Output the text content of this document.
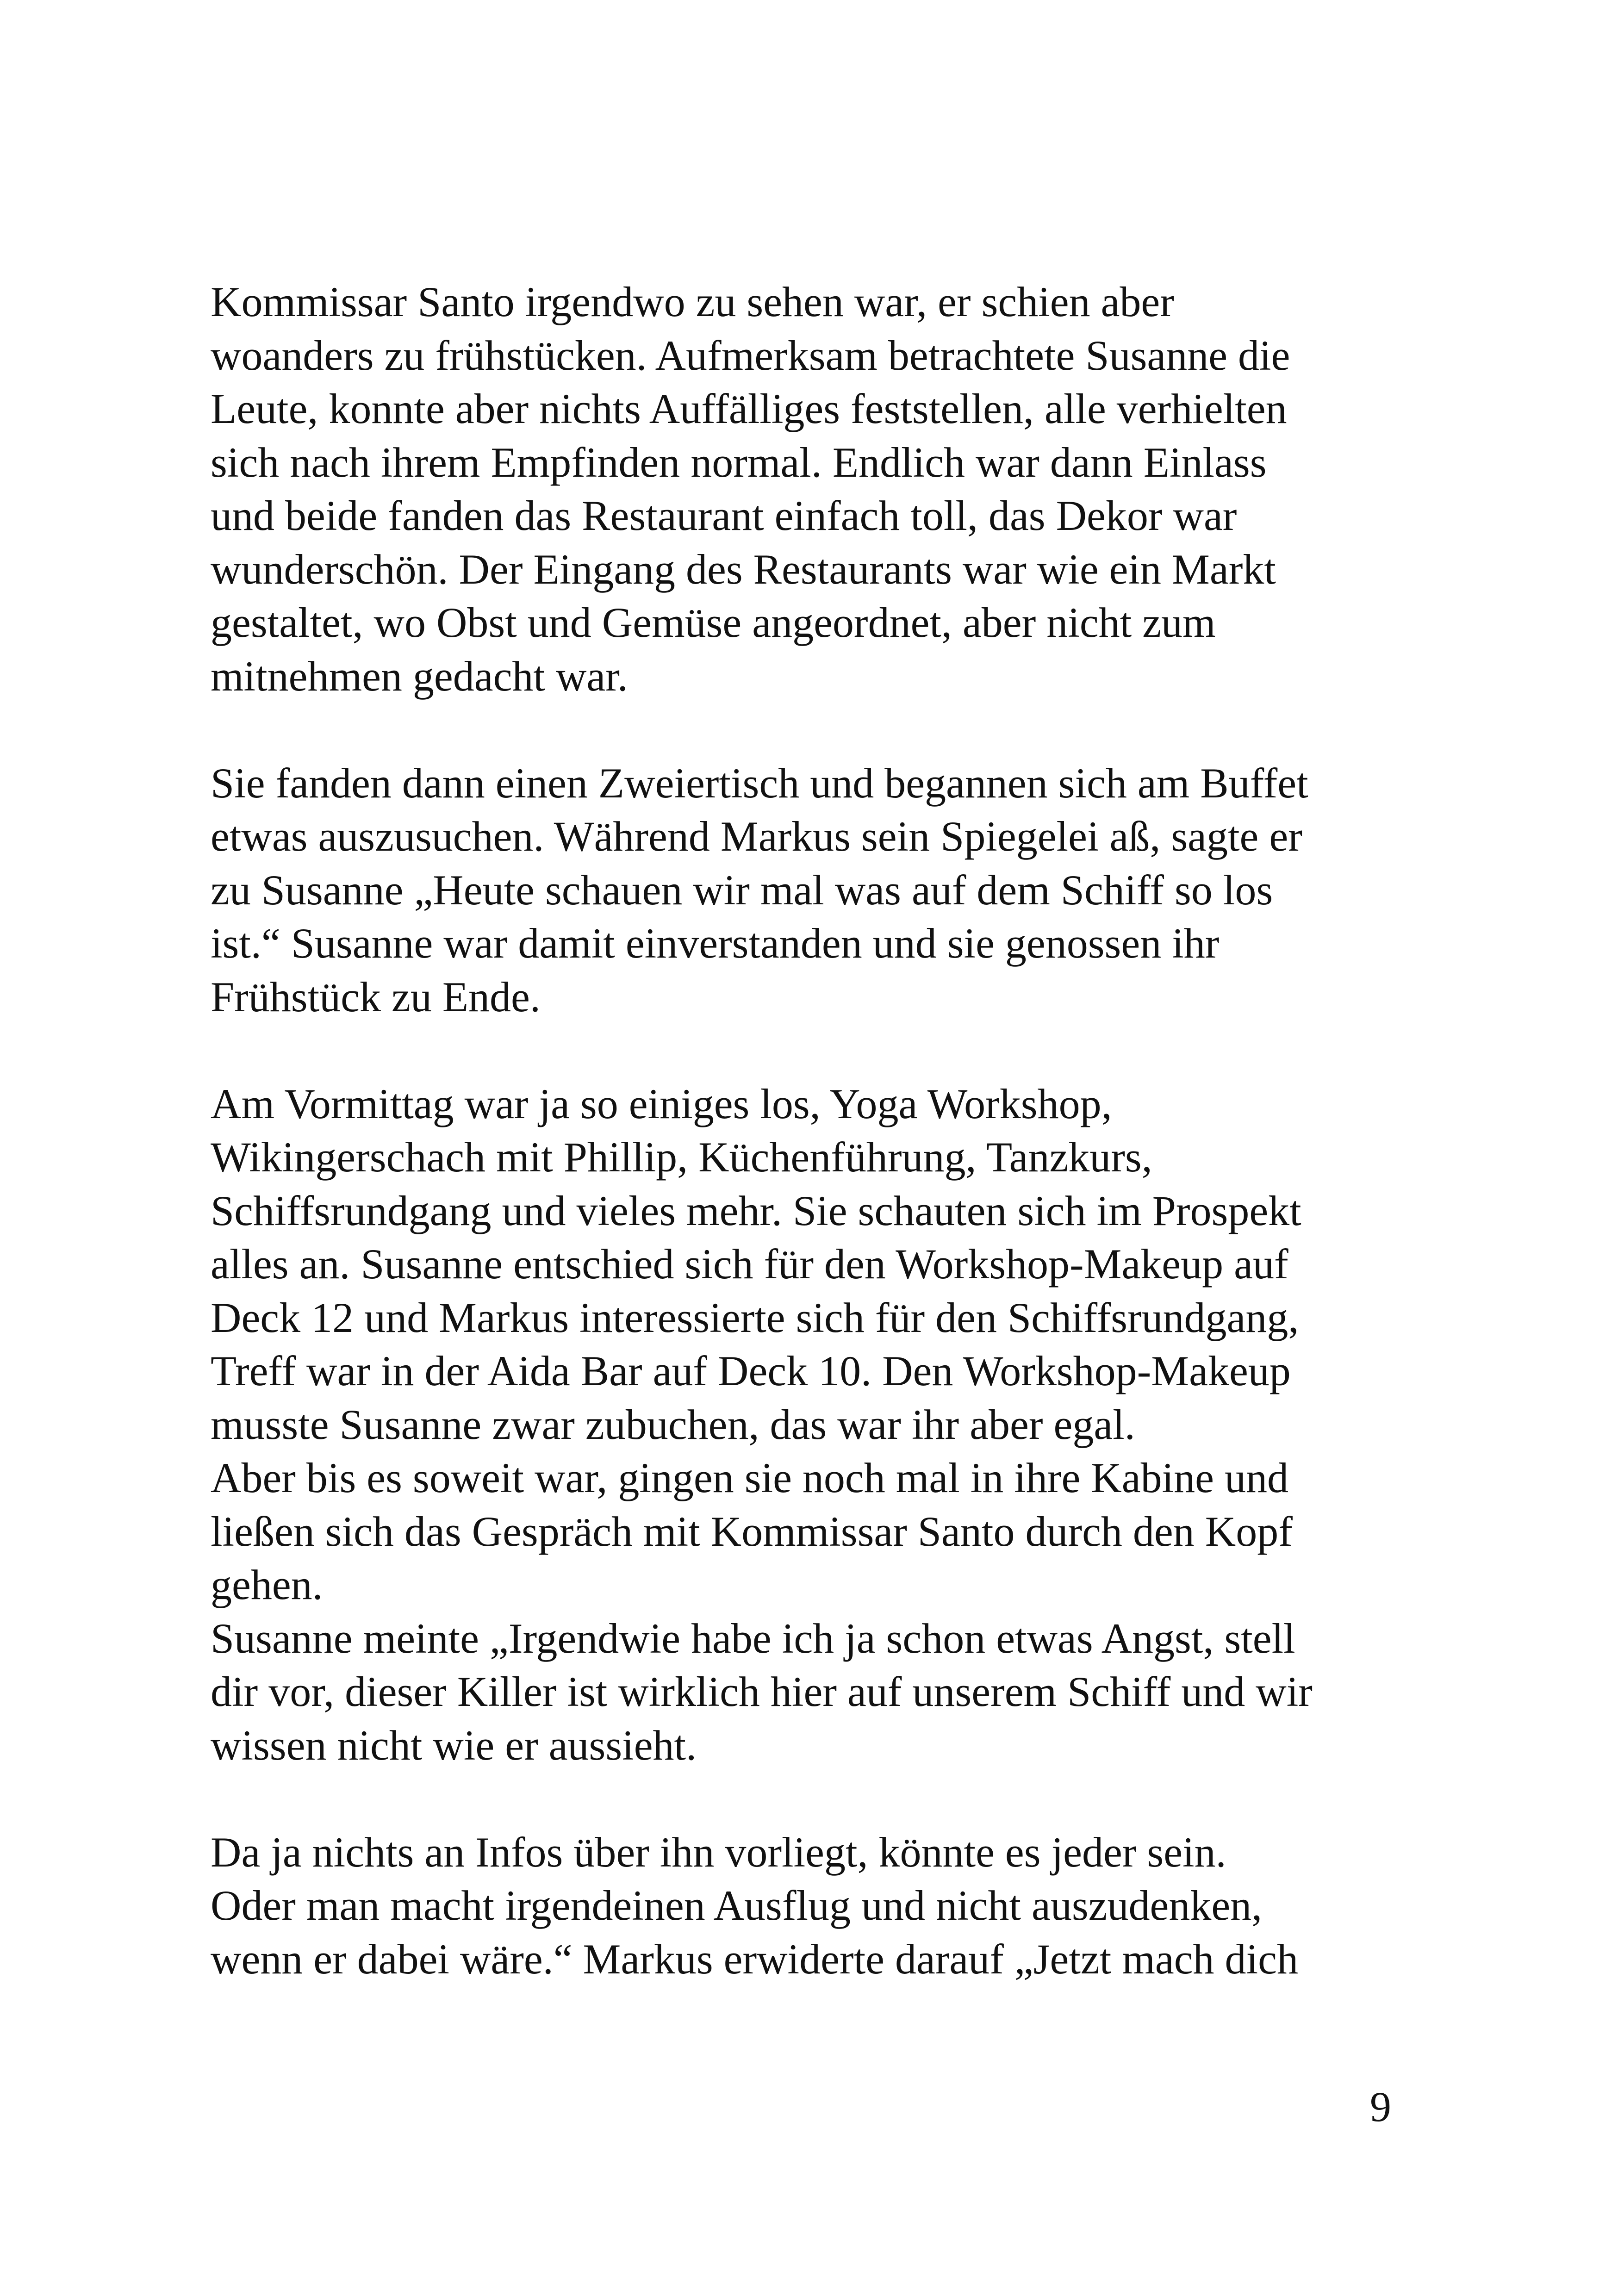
Kommissar Santo irgendwo zu sehen war, er schien aber
woanders zu frühstücken. Aufmerksam betrachtete Susanne die
Leute, konnte aber nichts Auffälliges feststellen, alle verhielten
sich nach ihrem Empfinden normal. Endlich war dann Einlass
und beide fanden das Restaurant einfach toll, das Dekor war
wunderschön. Der Eingang des Restaurants war wie ein Markt
gestaltet, wo Obst und Gemüse angeordnet, aber nicht zum
mitnehmen gedacht war.

Sie fanden dann einen Zweiertisch und begannen sich am Buffet
etwas auszusuchen. Während Markus sein Spiegelei aß, sagte er
zu Susanne „Heute schauen wir mal was auf dem Schiff so los
ist.“ Susanne war damit einverstanden und sie genossen ihr
Frühstück zu Ende.

Am Vormittag war ja so einiges los, Yoga Workshop,
Wikingerschach mit Phillip, Küchenführung, Tanzkurs,
Schiffsrundgang und vieles mehr. Sie schauten sich im Prospekt
alles an. Susanne entschied sich für den Workshop-Makeup auf
Deck 12 und Markus interessierte sich für den Schiffsrundgang,
Treff war in der Aida Bar auf Deck 10. Den Workshop-Makeup
musste Susanne zwar zubuchen, das war ihr aber egal.
Aber bis es soweit war, gingen sie noch mal in ihre Kabine und
ließen sich das Gespräch mit Kommissar Santo durch den Kopf
gehen.
Susanne meinte „Irgendwie habe ich ja schon etwas Angst, stell
dir vor, dieser Killer ist wirklich hier auf unserem Schiff und wir
wissen nicht wie er aussieht.

Da ja nichts an Infos über ihn vorliegt, könnte es jeder sein.
Oder man macht irgendeinen Ausflug und nicht auszudenken,
wenn er dabei wäre.“ Markus erwiderte darauf „Jetzt mach dich

9
